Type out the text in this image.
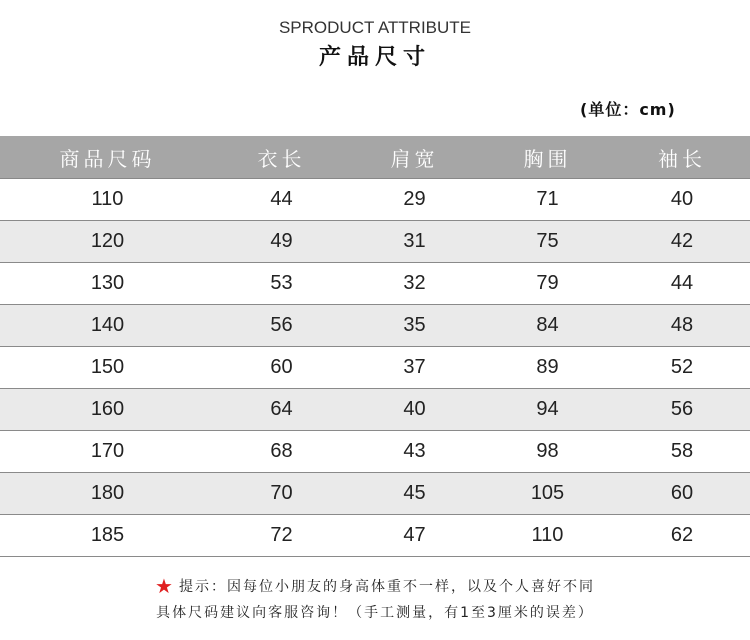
SPRODUCT ATTRIBUTE
产品尺寸
(单位：cm)
商品尺码	衣长	肩宽	胸围	袖长
110	44	29	71	40
120	49	31	75	42
130	53	32	79	44
140	56	35	84	48
150	60	37	89	52
160	64	40	94	56
170	68	43	98	58
180	70	45	105	60
185	72	47	110	62
★ 提示：因每位小朋友的身高体重不一样，以及个人喜好不同
具体尺码建议向客服咨询！（手工测量，有1至3厘米的误差）
